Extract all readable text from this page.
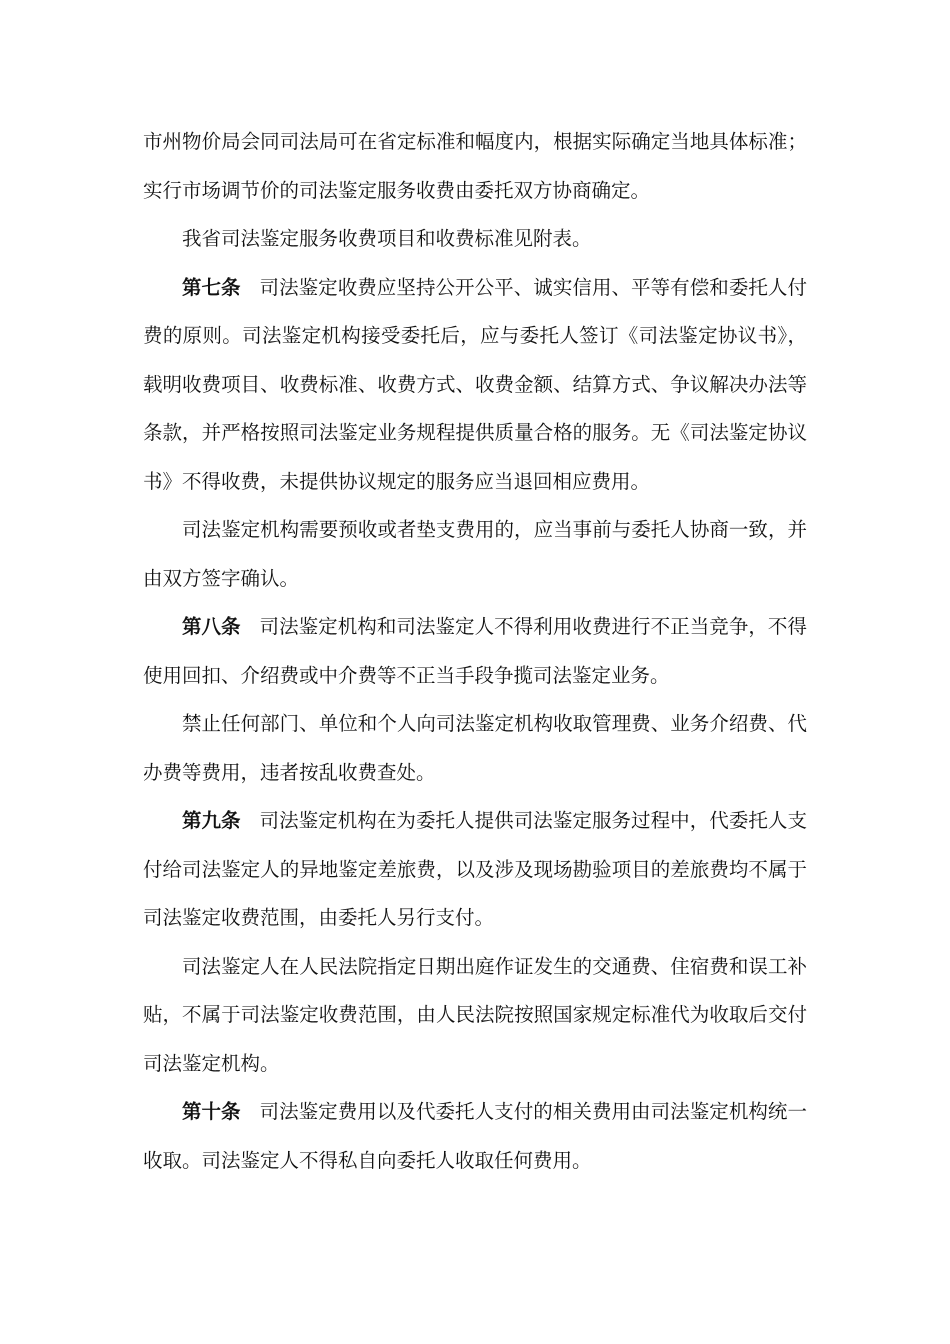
市州物价局会同司法局可在省定标准和幅度内，根据实际确定当地具体标准；
实行市场调节价的司法鉴定服务收费由委托双方协商确定。
我省司法鉴定服务收费项目和收费标准见附表。
第七条 司法鉴定收费应坚持公开公平、诚实信用、平等有偿和委托人付
费的原则。司法鉴定机构接受委托后，应与委托人签订《司法鉴定协议书》，
载明收费项目、收费标准、收费方式、收费金额、结算方式、争议解决办法等
条款，并严格按照司法鉴定业务规程提供质量合格的服务。无《司法鉴定协议
书》不得收费，未提供协议规定的服务应当退回相应费用。
司法鉴定机构需要预收或者垫支费用的，应当事前与委托人协商一致，并
由双方签字确认。
第八条 司法鉴定机构和司法鉴定人不得利用收费进行不正当竞争，不得
使用回扣、介绍费或中介费等不正当手段争揽司法鉴定业务。
禁止任何部门、单位和个人向司法鉴定机构收取管理费、业务介绍费、代
办费等费用，违者按乱收费查处。
第九条 司法鉴定机构在为委托人提供司法鉴定服务过程中，代委托人支
付给司法鉴定人的异地鉴定差旅费，以及涉及现场勘验项目的差旅费均不属于
司法鉴定收费范围，由委托人另行支付。
司法鉴定人在人民法院指定日期出庭作证发生的交通费、住宿费和误工补
贴，不属于司法鉴定收费范围，由人民法院按照国家规定标准代为收取后交付
司法鉴定机构。
第十条 司法鉴定费用以及代委托人支付的相关费用由司法鉴定机构统一
收取。司法鉴定人不得私自向委托人收取任何费用。
